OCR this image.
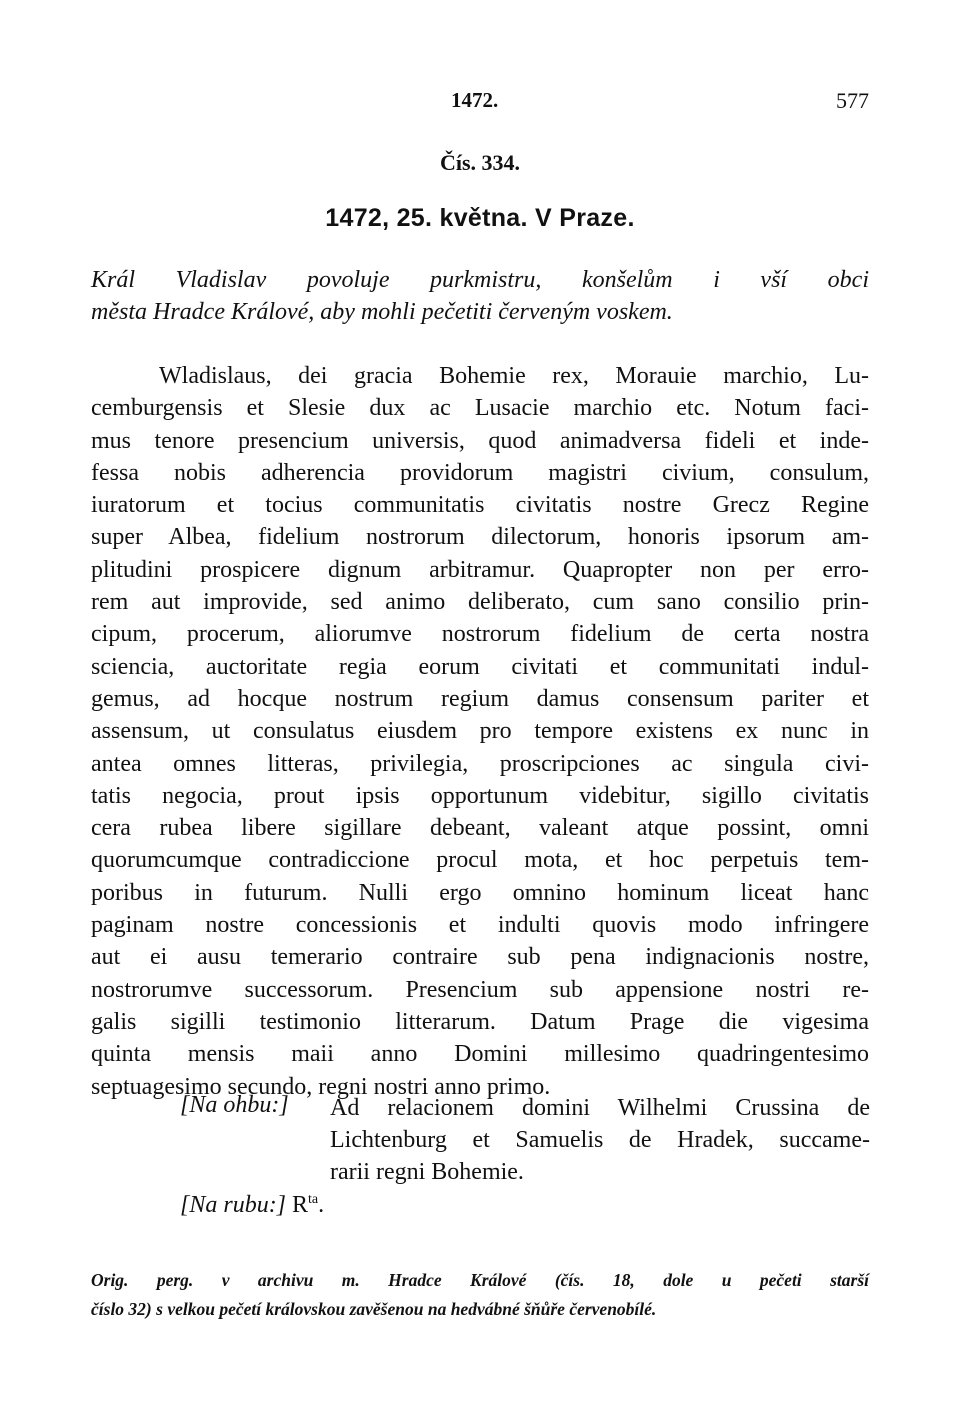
1472.	577
Čís. 334.
1472, 25. května. V Praze.
Král Vladislav povoluje purkmistru, konšelům i vší obci
města Hradce Králové, aby mohli pečetiti červeným voskem.
Wladislaus, dei gracia Bohemie rex, Morauie marchio, Lu-
cemburgensis et Slesie dux ac Lusacie marchio etc. Notum faci-
mus tenore presencium universis, quod animadversa fideli et inde-
fessa nobis adherencia providorum magistri civium, consulum,
iuratorum et tocius communitatis civitatis nostre Grecz Regine
super Albea, fidelium nostrorum dilectorum, honoris ipsorum am-
plitudini prospicere dignum arbitramur. Quapropter non per erro-
rem aut improvide, sed animo deliberato, cum sano consilio prin-
cipum, procerum, aliorumve nostrorum fidelium de certa nostra
sciencia, auctoritate regia eorum civitati et communitati indul-
gemus, ad hocque nostrum regium damus consensum pariter et
assensum, ut consulatus eiusdem pro tempore existens ex nunc in
antea omnes litteras, privilegia, proscripciones ac singula civi-
tatis negocia, prout ipsis opportunum videbitur, sigillo civitatis
cera rubea libere sigillare debeant, valeant atque possint, omni
quorumcumque contradiccione procul mota, et hoc perpetuis tem-
poribus in futurum. Nulli ergo omnino hominum liceat hanc
paginam nostre concessionis et indulti quovis modo infringere
aut ei ausu temerario contraire sub pena indignacionis nostre,
nostrorumve successorum. Presencium sub appensione nostri re-
galis sigilli testimonio litterarum. Datum Prage die vigesima
quinta mensis maii anno Domini millesimo quadringentesimo
septuagesimo secundo, regni nostri anno primo.
[Na ohbu:] Ad relacionem domini Wilhelmi Crussina de
Lichtenburg et Samuelis de Hradek, succame-
rarii regni Bohemie.
[Na rubu:] $R^{ta}$.
Orig. perg. v archivu m. Hradce Králové (čís. 18, dole u pečeti starší
číslo 32) s velkou pečetí královskou zavěšenou na hedvábné šňůře červenobílé.
